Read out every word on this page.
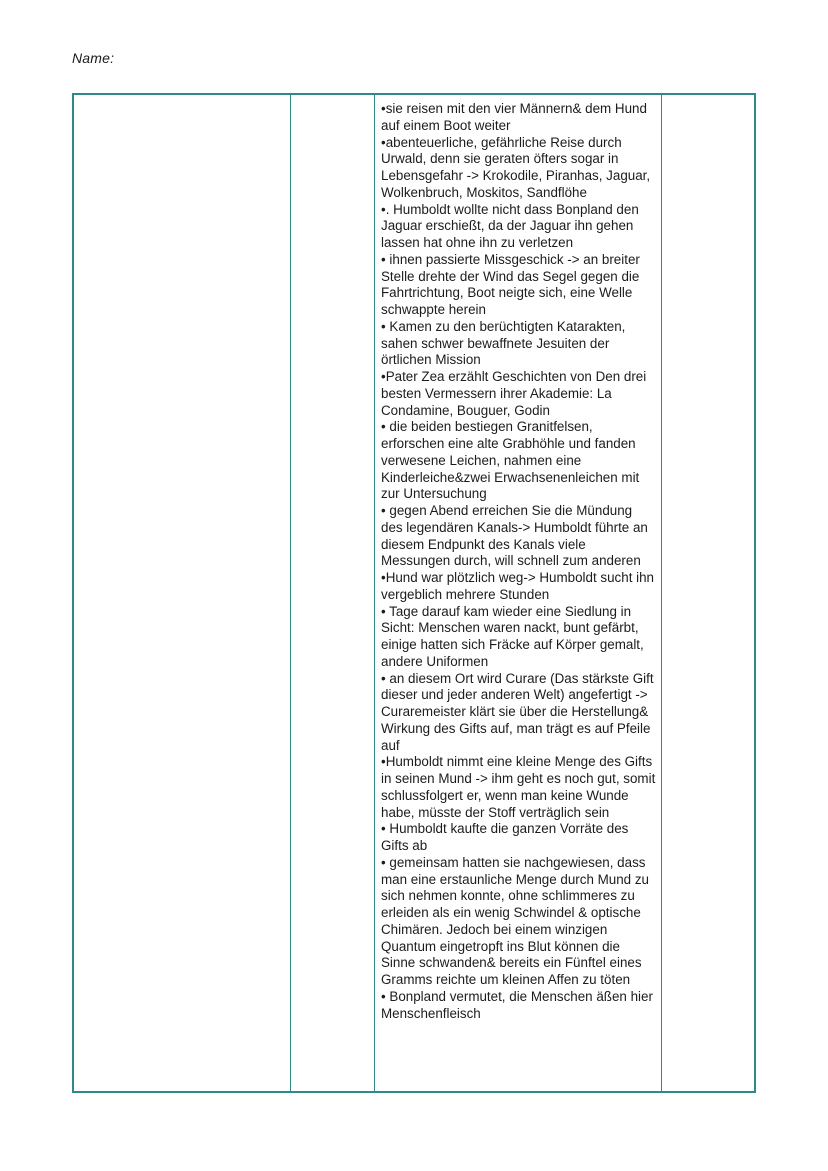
Name:
•sie reisen mit den vier Männern& dem Hund auf einem Boot weiter
•abenteuerliche, gefährliche Reise durch Urwald, denn sie geraten öfters sogar in Lebensgefahr -> Krokodile, Piranhas, Jaguar, Wolkenbruch, Moskitos, Sandflöhe
•. Humboldt wollte nicht dass Bonpland den Jaguar erschießt, da der Jaguar ihn gehen lassen hat ohne ihn zu verletzen
• ihnen passierte Missgeschick -> an breiter Stelle drehte der Wind das Segel gegen die Fahrtrichtung, Boot neigte sich, eine Welle schwappte herein
• Kamen zu den berüchtigten Katarakten, sahen schwer bewaffnete Jesuiten der örtlichen Mission
•Pater Zea erzählt Geschichten von Den drei besten Vermessern ihrer Akademie: La Condamine, Bouguer, Godin
• die beiden bestiegen Granitfelsen, erforschen eine alte Grabhöhle und fanden verwesene Leichen, nahmen eine Kinderleiche&zwei Erwachsenenleichen mit zur Untersuchung
• gegen Abend erreichen Sie die Mündung des legendären Kanals-> Humboldt führte an diesem Endpunkt des Kanals viele Messungen durch, will schnell zum anderen
•Hund war plötzlich weg-> Humboldt sucht ihn vergeblich mehrere Stunden
• Tage darauf kam wieder eine Siedlung in Sicht: Menschen waren nackt, bunt gefärbt, einige hatten sich Fräcke auf Körper gemalt, andere Uniformen
• an diesem Ort wird Curare (Das stärkste Gift dieser und jeder anderen Welt) angefertigt -> Curaremeister klärt sie über die Herstellung& Wirkung des Gifts auf, man trägt es auf Pfeile auf
•Humboldt nimmt eine kleine Menge des Gifts in seinen Mund -> ihm geht es noch gut, somit schlussfolgert er, wenn man keine Wunde habe, müsste der Stoff verträglich sein
• Humboldt kaufte die ganzen Vorräte des Gifts ab
• gemeinsam hatten sie nachgewiesen, dass man eine erstaunliche Menge durch Mund zu sich nehmen konnte, ohne schlimmeres zu erleiden als ein wenig Schwindel & optische Chimären. Jedoch bei einem winzigen Quantum eingetropft ins Blut können die Sinne schwanden& bereits ein Fünftel eines Gramms reichte um kleinen Affen zu töten
• Bonpland vermutet, die Menschen äßen hier Menschenfleisch
